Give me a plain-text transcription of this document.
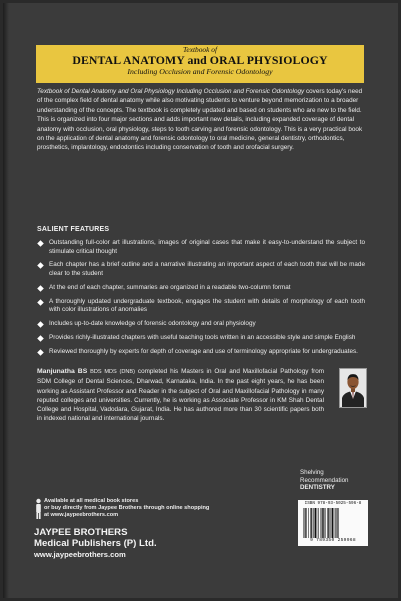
Textbook of
DENTAL ANATOMY and ORAL PHYSIOLOGY
Including Occlusion and Forensic Odontology
Textbook of Dental Anatomy and Oral Physiology Including Occlusion and Forensic Odontology covers today's need of the complex field of dental anatomy while also motivating students to venture beyond memorization to a broader understanding of the concepts. The textbook is completely updated and based on students who are new to the field. This is organized into four major sections and adds important new details, including expanded coverage of dental anatomy with occlusion, oral physiology, steps to tooth carving and forensic odontology. This is a very practical book on the application of dental anatomy and forensic odontology to oral medicine, general dentistry, orthodontics, prosthetics, implantology, endodontics including conservation of tooth and orofacial surgery.
SALIENT FEATURES
Outstanding full-color art illustrations, images of original cases that make it easy-to-understand the subject to stimulate critical thought
Each chapter has a brief outline and a narrative illustrating an important aspect of each tooth that will be made clear to the student
At the end of each chapter, summaries are organized in a readable two-column format
A thoroughly updated undergraduate textbook, engages the student with details of morphology of each tooth with color illustrations of anomalies
Includes up-to-date knowledge of forensic odontology and oral physiology
Provides richly-illustrated chapters with useful teaching tools written in an accessible style and simple English
Reviewed thoroughly by experts for depth of coverage and use of terminology appropriate for undergraduates.
Manjunatha BS BDS MDS (DNB) completed his Masters in Oral and Maxillofacial Pathology from SDM College of Dental Sciences, Dharwad, Karnataka, India. In the past eight years, he has been working as Assistant Professor and Reader in the subject of Oral and Maxillofacial Pathology in many reputed colleges and universities. Currently, he is working as Associate Professor in KM Shah Dental College and Hospital, Vadodara, Gujarat, India. He has authored more than 30 scientific papers both in indexed national and international journals.
Shelving
Recommendation
DENTISTRY
Available at all medical book stores
or buy directly from Jaypee Brothers through online shopping
at www.jaypeebrothers.com
JAYPEE BROTHERS
Medical Publishers (P) Ltd.
www.jaypeebrothers.com
ISBN 978-93-5025-596-8
9 789350 259968
